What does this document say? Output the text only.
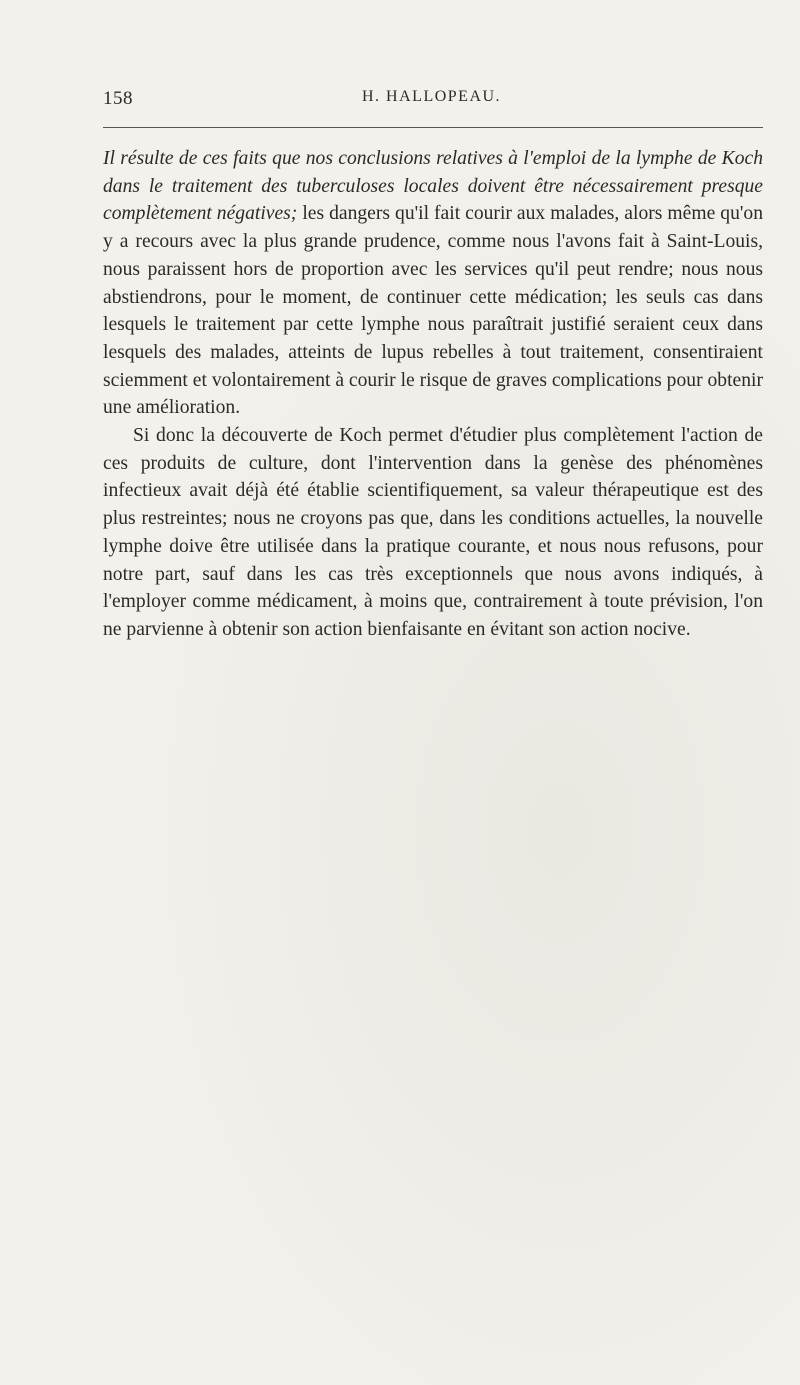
158	H. HALLOPEAU.

Il résulte de ces faits que nos conclusions relatives à l'emploi de la lymphe de Koch dans le traitement des tuberculoses locales doivent être nécessairement presque complètement négatives; les dangers qu'il fait courir aux malades, alors même qu'on y a recours avec la plus grande prudence, comme nous l'avons fait à Saint-Louis, nous paraissent hors de proportion avec les services qu'il peut rendre; nous nous abstiendrons, pour le moment, de continuer cette médication; les seuls cas dans lesquels le traitement par cette lymphe nous paraîtrait justifié seraient ceux dans lesquels des malades, atteints de lupus rebelles à tout traitement, consentiraient sciemment et volontairement à courir le risque de graves complications pour obtenir une amélioration.

Si donc la découverte de Koch permet d'étudier plus complètement l'action de ces produits de culture, dont l'intervention dans la genèse des phénomènes infectieux avait déjà été établie scientifiquement, sa valeur thérapeutique est des plus restreintes; nous ne croyons pas que, dans les conditions actuelles, la nouvelle lymphe doive être utilisée dans la pratique courante, et nous nous refusons, pour notre part, sauf dans les cas très exceptionnels que nous avons indiqués, à l'employer comme médicament, à moins que, contrairement à toute prévision, l'on ne parvienne à obtenir son action bienfaisante en évitant son action nocive.
